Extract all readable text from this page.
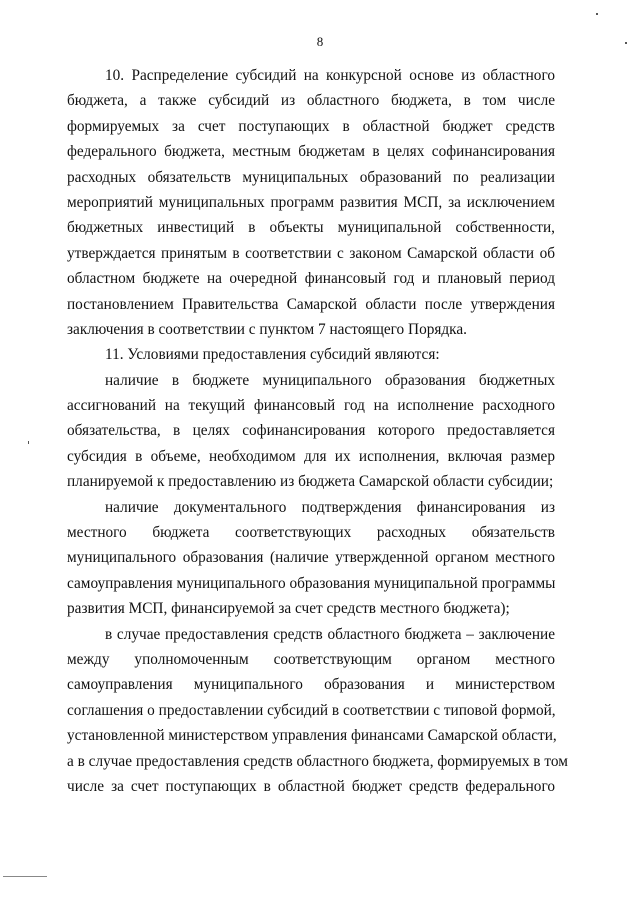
8
10. Распределение субсидий на конкурсной основе из областного
бюджета, а также субсидий из областного бюджета, в том числе
формируемых за счет поступающих в областной бюджет средств
федерального бюджета, местным бюджетам в целях софинансирования
расходных обязательств муниципальных образований по реализации
мероприятий муниципальных программ развития МСП, за исключением
бюджетных инвестиций в объекты муниципальной собственности,
утверждается принятым в соответствии с законом Самарской области об
областном бюджете на очередной финансовый год и плановый период
постановлением Правительства Самарской области после утверждения
заключения в соответствии с пунктом 7 настоящего Порядка.
11. Условиями предоставления субсидий являются:
наличие в бюджете муниципального образования бюджетных
ассигнований на текущий финансовый год на исполнение расходного
обязательства, в целях софинансирования которого предоставляется
субсидия в объеме, необходимом для их исполнения, включая размер
планируемой к предоставлению из бюджета Самарской области субсидии;
наличие документального подтверждения финансирования из
местного бюджета соответствующих расходных обязательств
муниципального образования (наличие утвержденной органом местного
самоуправления муниципального образования муниципальной программы
развития МСП, финансируемой за счет средств местного бюджета);
в случае предоставления средств областного бюджета – заключение
между уполномоченным соответствующим органом местного
самоуправления муниципального образования и министерством
соглашения о предоставлении субсидий в соответствии с типовой формой,
установленной министерством управления финансами Самарской области,
а в случае предоставления средств областного бюджета, формируемых в том
числе за счет поступающих в областной бюджет средств федерального
